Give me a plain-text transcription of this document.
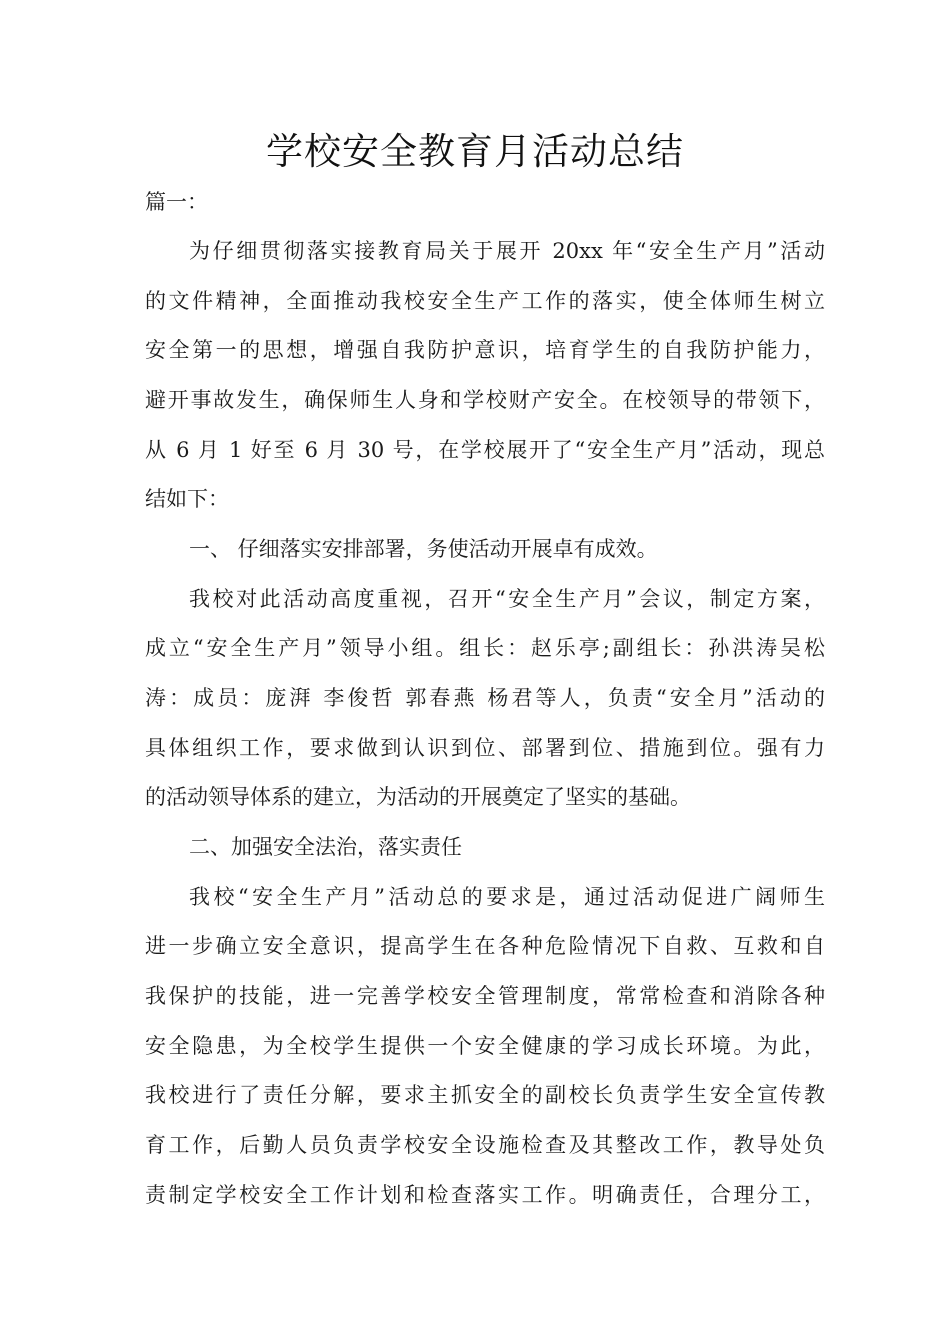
学校安全教育月活动总结

篇一：

为仔细贯彻落实接教育局关于展开 20xx 年“安全生产月”活动

的文件精神，全面推动我校安全生产工作的落实，使全体师生树立

安全第一的思想，增强自我防护意识，培育学生的自我防护能力，

避开事故发生，确保师生人身和学校财产安全。在校领导的带领下，

从 6 月 1 好至 6 月 30 号，在学校展开了“安全生产月”活动，现总

结如下：

一、 仔细落实安排部署，务使活动开展卓有成效。

我校对此活动高度重视，召开“安全生产月”会议，制定方案，

成立“安全生产月”领导小组。组长：赵乐亭;副组长：孙洪涛吴松

涛：成员：庞湃 李俊哲 郭春燕 杨君等人，负责“安全月”活动的

具体组织工作，要求做到认识到位、部署到位、措施到位。强有力

的活动领导体系的建立，为活动的开展奠定了坚实的基础。

二、加强安全法治，落实责任

我校“安全生产月”活动总的要求是，通过活动促进广阔师生

进一步确立安全意识，提高学生在各种危险情况下自救、互救和自

我保护的技能，进一完善学校安全管理制度，常常检查和消除各种

安全隐患，为全校学生提供一个安全健康的学习成长环境。为此，

我校进行了责任分解，要求主抓安全的副校长负责学生安全宣传教

育工作，后勤人员负责学校安全设施检查及其整改工作，教导处负

责制定学校安全工作计划和检查落实工作。明确责任，合理分工，
